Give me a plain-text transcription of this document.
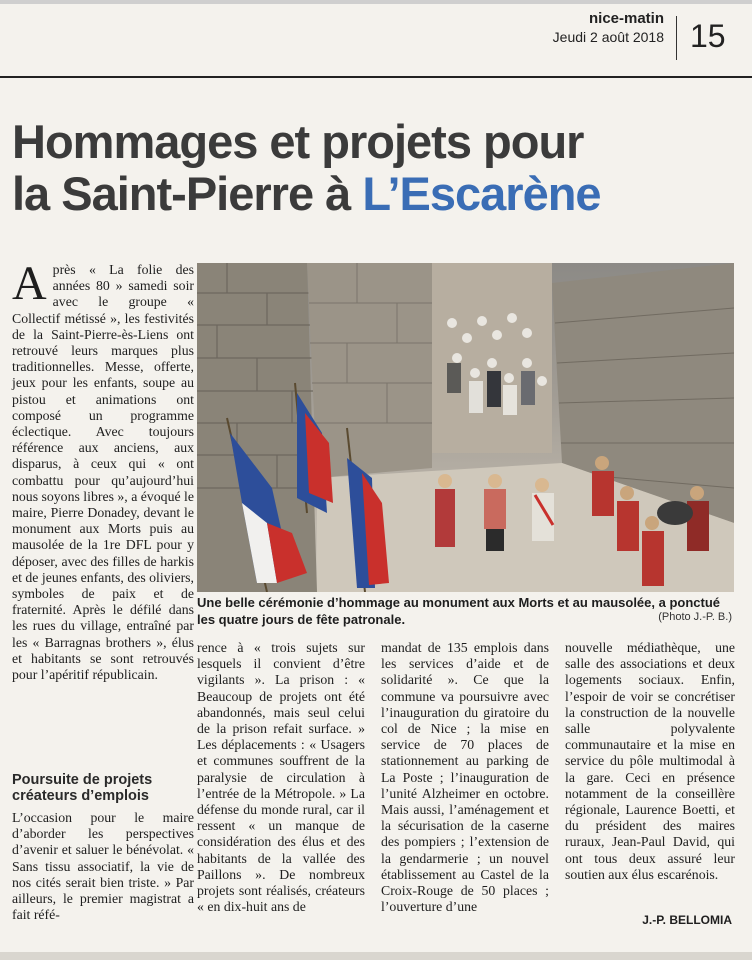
nice-matin
Jeudi 2 août 2018 15
Hommages et projets pour
la Saint-Pierre à L’Escarène

Après « La folie des années 80 » samedi soir avec le groupe « Collectif métissé », les festivités de la Saint-Pierre-ès-Liens ont retrouvé leurs marques plus traditionnelles. Messe, offerte, jeux pour les enfants, soupe au pistou et animations ont composé un programme éclectique. Avec toujours référence aux anciens, aux disparus, à ceux qui « ont combattu pour qu’aujourd’hui nous soyons libres », a évoqué le maire, Pierre Donadey, devant le monument aux Morts puis au mausolée de la 1re DFL pour y déposer, avec des filles de harkis et de jeunes enfants, des oliviers, symboles de paix et de fraternité. Après le défilé dans les rues du village, entraîné par les « Barragnas brothers », élus et habitants se sont retrouvés pour l’apéritif républicain.

Poursuite de projets créateurs d’emplois

L’occasion pour le maire d’aborder les perspectives d’avenir et saluer le bénévolat. « Sans tissu associatif, la vie de nos cités serait bien triste. » Par ailleurs, le premier magistrat a fait réfé-

Une belle cérémonie d’hommage au monument aux Morts et au mausolée, a ponctué les quatre jours de fête patronale.	(Photo J.-P. B.)

rence à « trois sujets sur lesquels il convient d’être vigilants ». La prison : « Beaucoup de projets ont été abandonnés, mais seul celui de la prison refait surface. » Les déplacements : « Usagers et communes souffrent de la paralysie de circulation à l’entrée de la Métropole. » La défense du monde rural, car il ressent « un manque de considération des élus et des habitants de la vallée des Paillons ». De nombreux projets sont réalisés, créateurs « en dix-huit ans de

mandat de 135 emplois dans les services d’aide et de solidarité ». Ce que la commune va poursuivre avec l’inauguration du giratoire du col de Nice ; la mise en service de 70 places de stationnement au parking de La Poste ; l’inauguration de l’unité Alzheimer en octobre. Mais aussi, l’aménagement et la sécurisation de la caserne des pompiers ; l’extension de la gendarmerie ; un nouvel établissement au Castel de la Croix-Rouge de 50 places ; l’ouverture d’une

nouvelle médiathèque, une salle des associations et deux logements sociaux. Enfin, l’espoir de voir se concrétiser la construction de la nouvelle salle polyvalente communautaire et la mise en service du pôle multimodal à la gare. Ceci en présence notamment de la conseillère régionale, Laurence Boetti, et du président des maires ruraux, Jean-Paul David, qui ont tous deux assuré leur soutien aux élus escarénois.

J.-P. BELLOMIA
